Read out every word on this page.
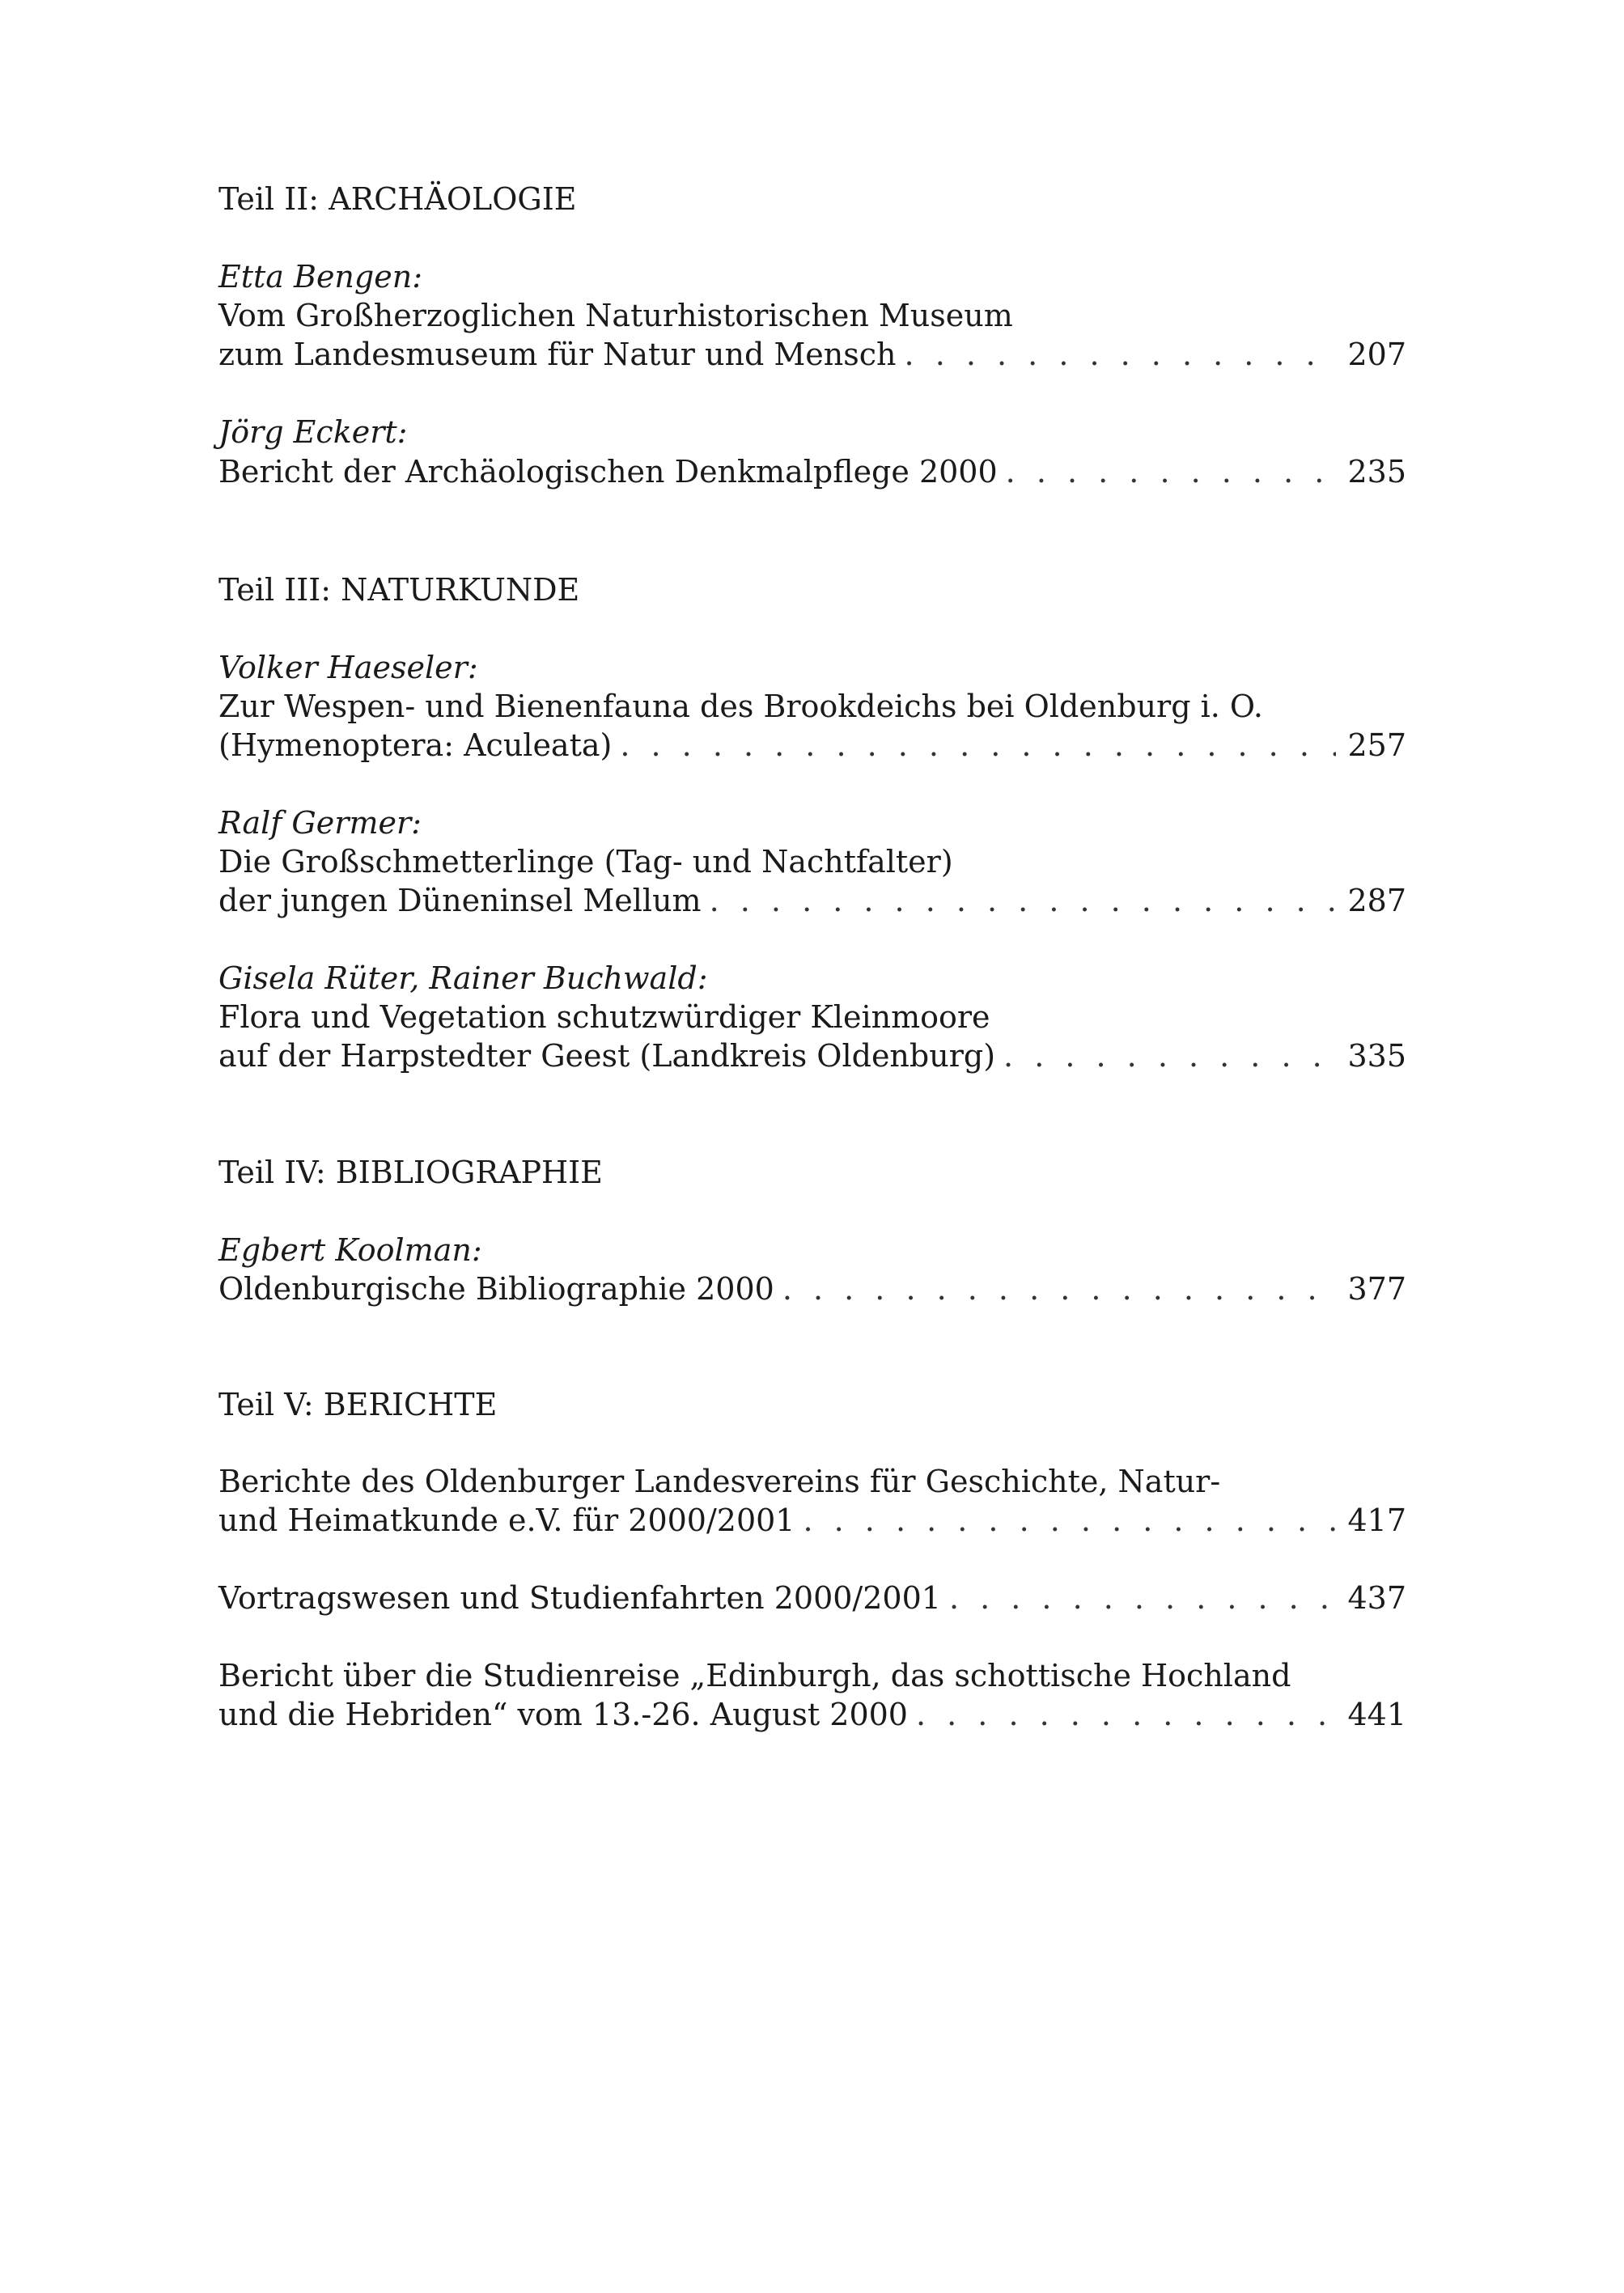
Teil II: ARCHÄOLOGIE
Etta Bengen:
Vom Großherzoglichen Naturhistorischen Museum
zum Landesmuseum für Natur und Mensch . . .	207
Jörg Eckert:
Bericht der Archäologischen Denkmalpflege 2000 . . .	235
Teil III: NATURKUNDE
Volker Haeseler:
Zur Wespen- und Bienenfauna des Brookdeichs bei Oldenburg i. O.
(Hymenoptera: Aculeata) . . .	257
Ralf Germer:
Die Großschmetterlinge (Tag- und Nachtfalter)
der jungen Düneninsel Mellum . . .	287
Gisela Rüter, Rainer Buchwald:
Flora und Vegetation schutzwürdiger Kleinmoore
auf der Harpstedter Geest (Landkreis Oldenburg) . . .	335
Teil IV: BIBLIOGRAPHIE
Egbert Koolman:
Oldenburgische Bibliographie 2000 . . .	377
Teil V: BERICHTE
Berichte des Oldenburger Landesvereins für Geschichte, Natur-
und Heimatkunde e.V. für 2000/2001 . . .	417
Vortragswesen und Studienfahrten 2000/2001 . . .	437
Bericht über die Studienreise „Edinburgh, das schottische Hochland
und die Hebriden“ vom 13.-26. August 2000 . . .	441
